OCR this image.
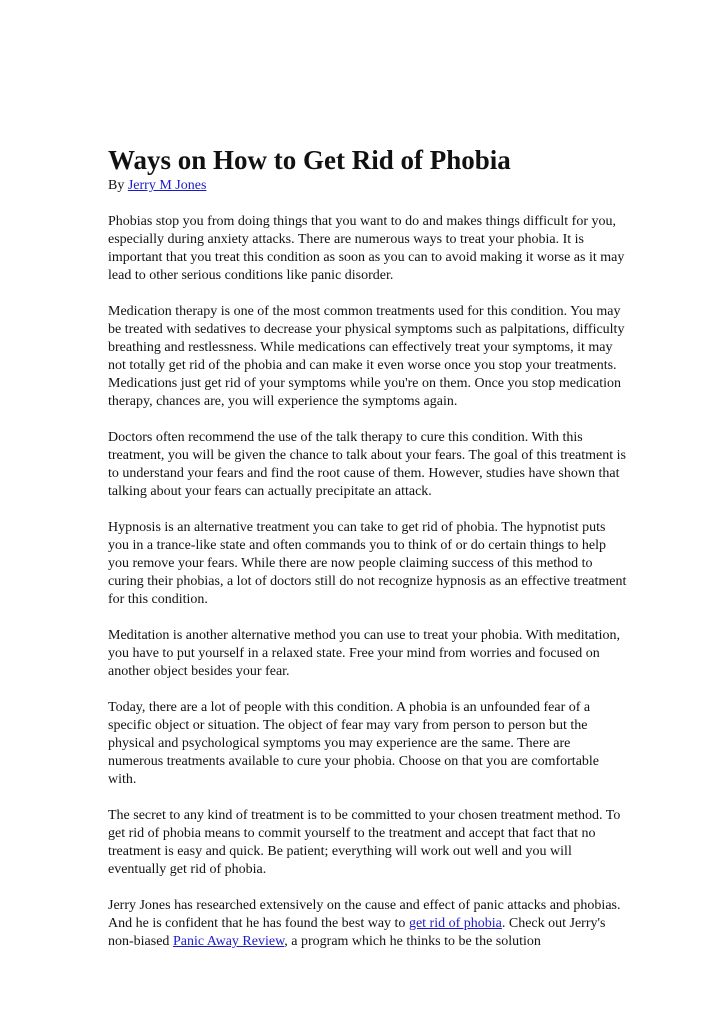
Ways on How to Get Rid of Phobia
By Jerry M Jones

Phobias stop you from doing things that you want to do and makes things difficult for you, especially during anxiety attacks. There are numerous ways to treat your phobia. It is important that you treat this condition as soon as you can to avoid making it worse as it may lead to other serious conditions like panic disorder.

Medication therapy is one of the most common treatments used for this condition. You may be treated with sedatives to decrease your physical symptoms such as palpitations, difficulty breathing and restlessness. While medications can effectively treat your symptoms, it may not totally get rid of the phobia and can make it even worse once you stop your treatments. Medications just get rid of your symptoms while you're on them. Once you stop medication therapy, chances are, you will experience the symptoms again.

Doctors often recommend the use of the talk therapy to cure this condition. With this treatment, you will be given the chance to talk about your fears. The goal of this treatment is to understand your fears and find the root cause of them. However, studies have shown that talking about your fears can actually precipitate an attack.

Hypnosis is an alternative treatment you can take to get rid of phobia. The hypnotist puts you in a trance-like state and often commands you to think of or do certain things to help you remove your fears. While there are now people claiming success of this method to curing their phobias, a lot of doctors still do not recognize hypnosis as an effective treatment for this condition.

Meditation is another alternative method you can use to treat your phobia. With meditation, you have to put yourself in a relaxed state. Free your mind from worries and focused on another object besides your fear.

Today, there are a lot of people with this condition. A phobia is an unfounded fear of a specific object or situation. The object of fear may vary from person to person but the physical and psychological symptoms you may experience are the same. There are numerous treatments available to cure your phobia. Choose on that you are comfortable with.

The secret to any kind of treatment is to be committed to your chosen treatment method. To get rid of phobia means to commit yourself to the treatment and accept that fact that no treatment is easy and quick. Be patient; everything will work out well and you will eventually get rid of phobia.

Jerry Jones has researched extensively on the cause and effect of panic attacks and phobias. And he is confident that he has found the best way to get rid of phobia. Check out Jerry's non-biased Panic Away Review, a program which he thinks to be the solution
